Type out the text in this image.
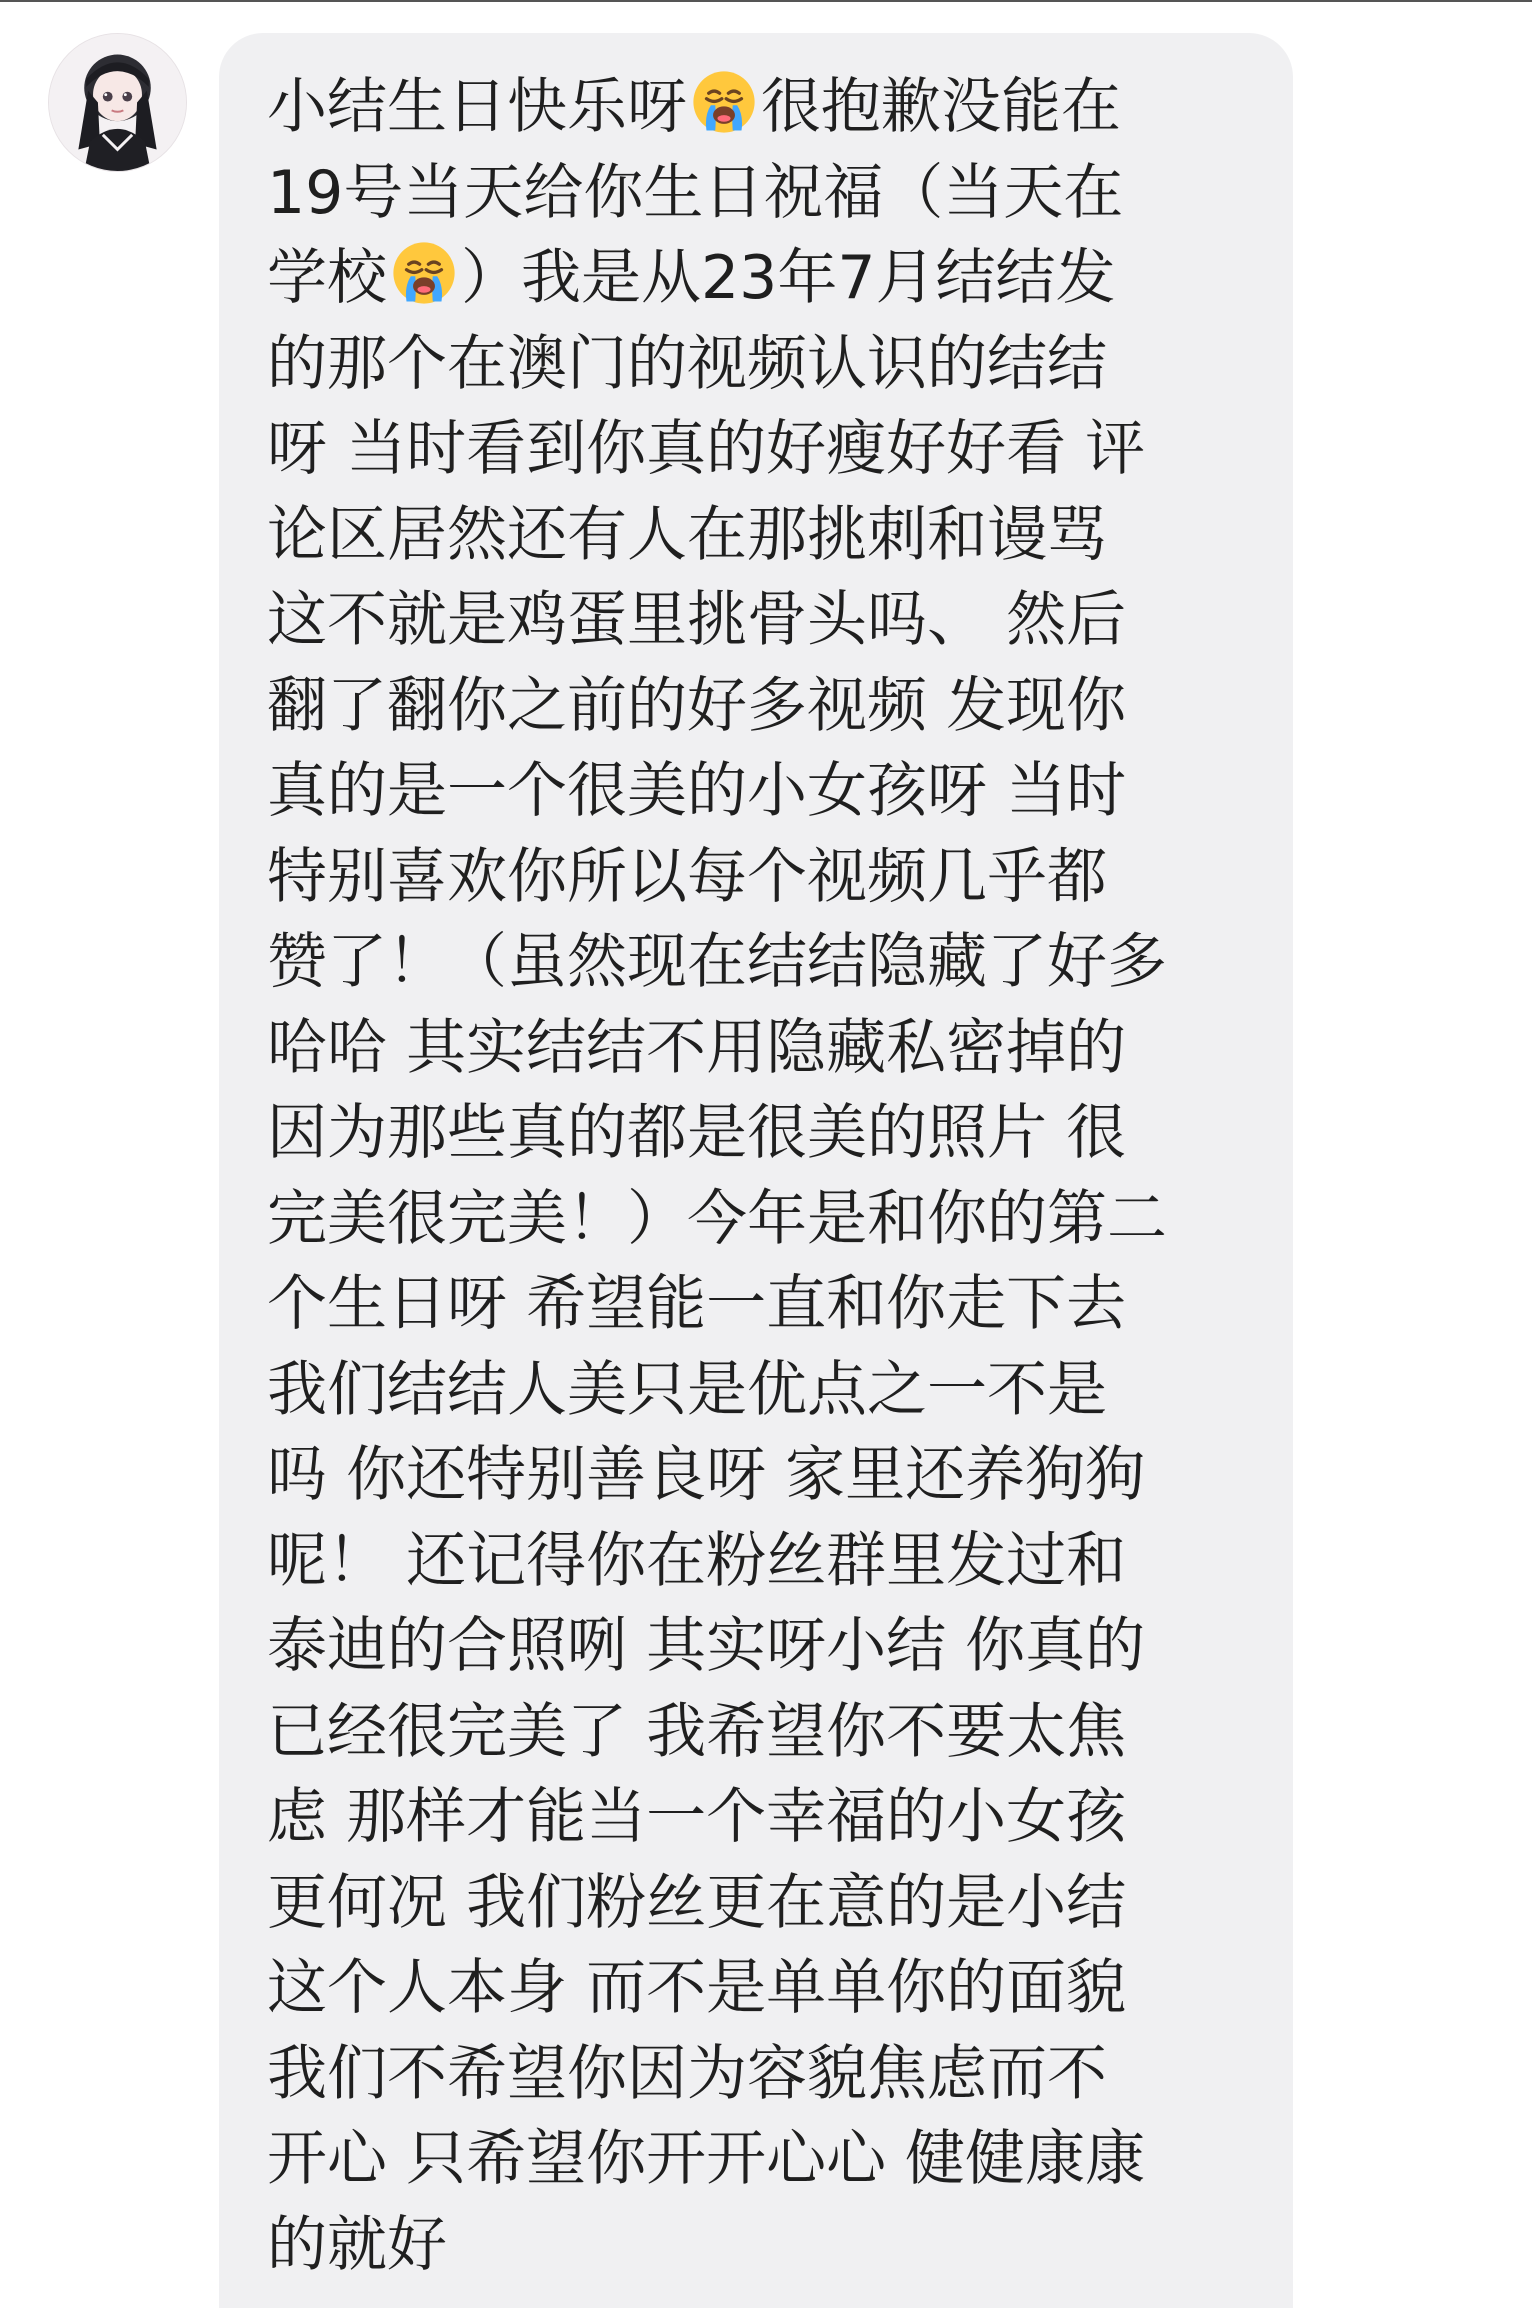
小结生日快乐呀 很抱歉没能在
19号当天给你生日祝福（当天在
学校 ）我是从23年7月结结发
的那个在澳门的视频认识的结结
呀 当时看到你真的好瘦好好看 评
论区居然还有人在那挑刺和谩骂
这不就是鸡蛋里挑骨头吗、 然后
翻了翻你之前的好多视频 发现你
真的是一个很美的小女孩呀 当时
特别喜欢你所以每个视频几乎都
赞了！（虽然现在结结隐藏了好多
哈哈 其实结结不用隐藏私密掉的
因为那些真的都是很美的照片 很
完美很完美！）今年是和你的第二
个生日呀 希望能一直和你走下去
我们结结人美只是优点之一不是
吗 你还特别善良呀 家里还养狗狗
呢！ 还记得你在粉丝群里发过和
泰迪的合照咧 其实呀小结 你真的
已经很完美了 我希望你不要太焦
虑 那样才能当一个幸福的小女孩
更何况 我们粉丝更在意的是小结
这个人本身 而不是单单你的面貌
我们不希望你因为容貌焦虑而不
开心 只希望你开开心心 健健康康
的就好
